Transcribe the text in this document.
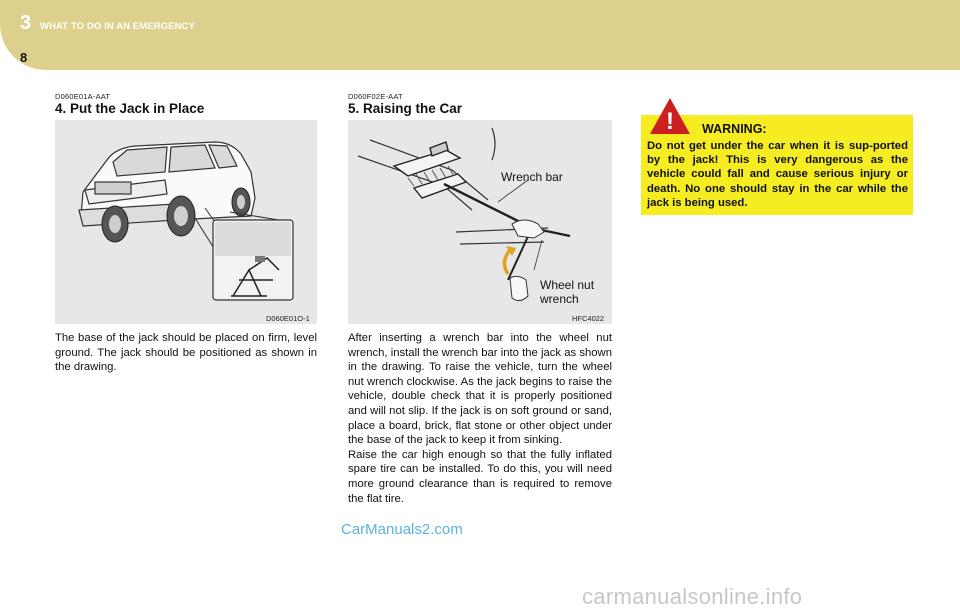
3 WHAT TO DO IN AN EMERGENCY
8
D060E01A-AAT
4. Put the Jack in Place
D060E01O-1

The base of the jack should be placed on firm, level ground. The jack should be positioned as shown in the drawing.

D060F02E-AAT
5. Raising the Car
Wrench bar
Wheel nut
wrench
HFC4022

After inserting a wrench bar into the wheel nut wrench, install the wrench bar into the jack as shown in the drawing. To raise the vehicle, turn the wheel nut wrench clockwise. As the jack begins to raise the vehicle, double check that it is properly positioned and will not slip. If the jack is on soft ground or sand, place a board, brick, flat stone or other object under the base of the jack to keep it from sinking.
Raise the car high enough so that the fully inflated spare tire can be installed. To do this, you will need more ground clearance than is required to remove the flat tire.

Do not get under the car when it is sup-ported by the jack! This is very dangerous as the vehicle could fall and cause serious injury or death. No one should stay in the car while the jack is being used.

! WARNING:
CarManuals2.com
carmanualsonline.info
